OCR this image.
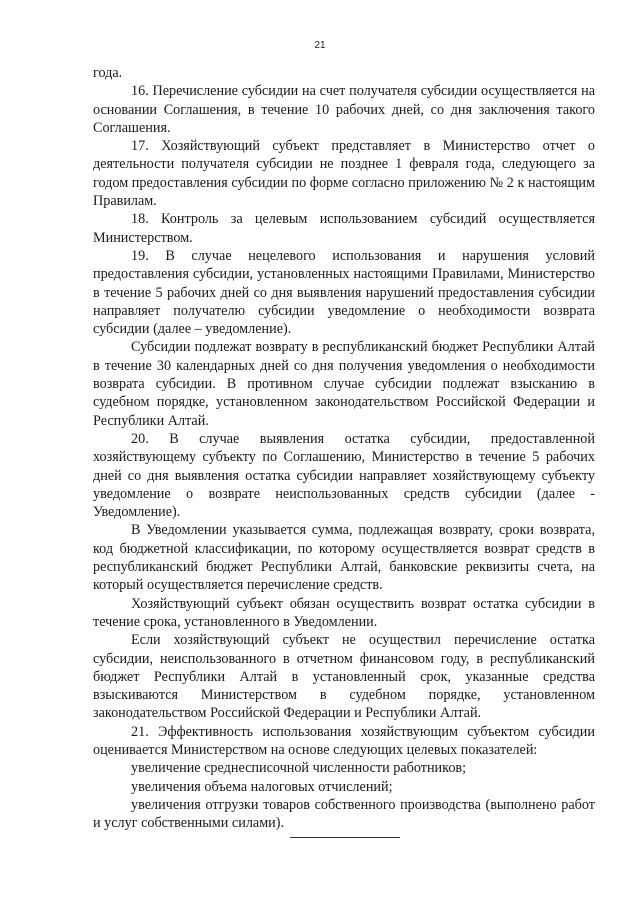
21

года.

16. Перечисление субсидии на счет получателя субсидии осуществляется на основании Соглашения, в течение 10 рабочих дней, со дня заключения такого Соглашения.

17. Хозяйствующий субъект представляет в Министерство отчет о деятельности получателя субсидии не позднее 1 февраля года, следующего за годом предоставления субсидии по форме согласно приложению № 2 к настоящим Правилам.

18. Контроль за целевым использованием субсидий осуществляется Министерством.

19. В случае нецелевого использования и нарушения условий предоставления субсидии, установленных настоящими Правилами, Министерство в течение 5 рабочих дней со дня выявления нарушений предоставления субсидии направляет получателю субсидии уведомление о необходимости возврата субсидии (далее – уведомление).

Субсидии подлежат возврату в республиканский бюджет Республики Алтай в течение 30 календарных дней со дня получения уведомления о необходимости возврата субсидии. В противном случае субсидии подлежат взысканию в судебном порядке, установленном законодательством Российской Федерации и Республики Алтай.

20. В случае выявления остатка субсидии, предоставленной хозяйствующему субъекту по Соглашению, Министерство в течение 5 рабочих дней со дня выявления остатка субсидии направляет хозяйствующему субъекту уведомление о возврате неиспользованных средств субсидии (далее - Уведомление).

В Уведомлении указывается сумма, подлежащая возврату, сроки возврата, код бюджетной классификации, по которому осуществляется возврат средств в республиканский бюджет Республики Алтай, банковские реквизиты счета, на который осуществляется перечисление средств.

Хозяйствующий субъект обязан осуществить возврат остатка субсидии в течение срока, установленного в Уведомлении.

Если хозяйствующий субъект не осуществил перечисление остатка субсидии, неиспользованного в отчетном финансовом году, в республиканский бюджет Республики Алтай в установленный срок, указанные средства взыскиваются Министерством в судебном порядке, установленном законодательством Российской Федерации и Республики Алтай.

21. Эффективность использования хозяйствующим субъектом субсидии оценивается Министерством на основе следующих целевых показателей:

увеличение среднесписочной численности работников;

увеличения объема налоговых отчислений;

увеличения отгрузки товаров собственного производства (выполнено работ и услуг собственными силами).
